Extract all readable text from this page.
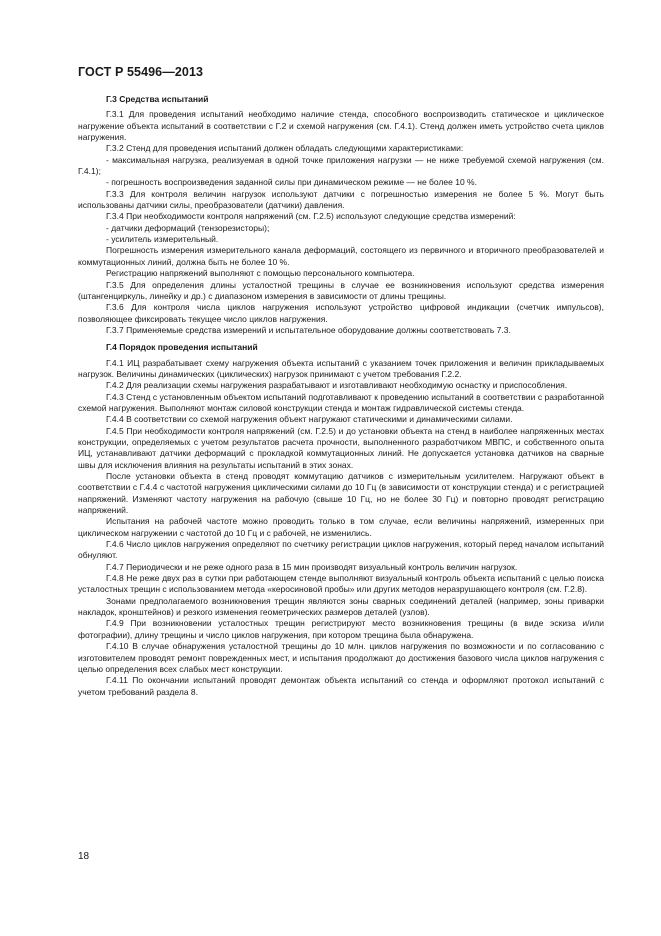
ГОСТ Р 55496—2013

Г.3 Средства испытаний

Г.3.1 Для проведения испытаний необходимо наличие стенда, способного воспроизводить статическое и циклическое нагружение объекта испытаний в соответствии с Г.2 и схемой нагружения (см. Г.4.1). Стенд должен иметь устройство счета циклов нагружения.

Г.3.2 Стенд для проведения испытаний должен обладать следующими характеристиками:

- максимальная нагрузка, реализуемая в одной точке приложения нагрузки — не ниже требуемой схемой нагружения (см. Г.4.1);

- погрешность воспроизведения заданной силы при динамическом режиме — не более 10 %.

Г.3.3 Для контроля величин нагрузок используют датчики с погрешностью измерения не более 5 %. Могут быть использованы датчики силы, преобразователи (датчики) давления.

Г.3.4 При необходимости контроля напряжений (см. Г.2.5) используют следующие средства измерений:

- датчики деформаций (тензорезисторы);

- усилитель измерительный.

Погрешность измерения измерительного канала деформаций, состоящего из первичного и вторичного преобразователей и коммутационных линий, должна быть не более 10 %.

Регистрацию напряжений выполняют с помощью персонального компьютера.

Г.3.5 Для определения длины усталостной трещины в случае ее возникновения используют средства измерения (штангенциркуль, линейку и др.) с диапазоном измерения в зависимости от длины трещины.

Г.3.6 Для контроля числа циклов нагружения используют устройство цифровой индикации (счетчик импульсов), позволяющее фиксировать текущее число циклов нагружения.

Г.3.7 Применяемые средства измерений и испытательное оборудование должны соответствовать 7.3.

Г.4 Порядок проведения испытаний

Г.4.1 ИЦ разрабатывает схему нагружения объекта испытаний с указанием точек приложения и величин прикладываемых нагрузок. Величины динамических (циклических) нагрузок принимают с учетом требования Г.2.2.

Г.4.2 Для реализации схемы нагружения разрабатывают и изготавливают необходимую оснастку и приспособления.

Г.4.3 Стенд с установленным объектом испытаний подготавливают к проведению испытаний в соответствии с разработанной схемой нагружения. Выполняют монтаж силовой конструкции стенда и монтаж гидравлической системы стенда.

Г.4.4 В соответствии со схемой нагружения объект нагружают статическими и динамическими силами.

Г.4.5 При необходимости контроля напряжений (см. Г.2.5) и до установки объекта на стенд в наиболее напряженных местах конструкции, определяемых с учетом результатов расчета прочности, выполненного разработчиком МВПС, и собственного опыта ИЦ, устанавливают датчики деформаций с прокладкой коммутационных линий. Не допускается установка датчиков на сварные швы для исключения влияния на результаты испытаний в этих зонах.

После установки объекта в стенд проводят коммутацию датчиков с измерительным усилителем. Нагружают объект в соответствии с Г.4.4 с частотой нагружения циклическими силами до 10 Гц (в зависимости от конструкции стенда) и с регистрацией напряжений. Изменяют частоту нагружения на рабочую (свыше 10 Гц, но не более 30 Гц) и повторно проводят регистрацию напряжений.

Испытания на рабочей частоте можно проводить только в том случае, если величины напряжений, измеренных при циклическом нагружении с частотой до 10 Гц и с рабочей, не изменились.

Г.4.6 Число циклов нагружения определяют по счетчику регистрации циклов нагружения, который перед началом испытаний обнуляют.

Г.4.7 Периодически и не реже одного раза в 15 мин производят визуальный контроль величин нагрузок.

Г.4.8 Не реже двух раз в сутки при работающем стенде выполняют визуальный контроль объекта испытаний с целью поиска усталостных трещин с использованием метода «керосиновой пробы» или других методов неразрушающего контроля (см. Г.2.8).

Зонами предполагаемого возникновения трещин являются зоны сварных соединений деталей (например, зоны приварки накладок, кронштейнов) и резкого изменения геометрических размеров деталей (узлов).

Г.4.9 При возникновении усталостных трещин регистрируют место возникновения трещины (в виде эскиза и/или фотографии), длину трещины и число циклов нагружения, при котором трещина была обнаружена.

Г.4.10 В случае обнаружения усталостной трещины до 10 млн. циклов нагружения по возможности и по согласованию с изготовителем проводят ремонт поврежденных мест, и испытания продолжают до достижения базового числа циклов нагружения с целью определения всех слабых мест конструкции.

Г.4.11 По окончании испытаний проводят демонтаж объекта испытаний со стенда и оформляют протокол испытаний с учетом требований раздела 8.

18
